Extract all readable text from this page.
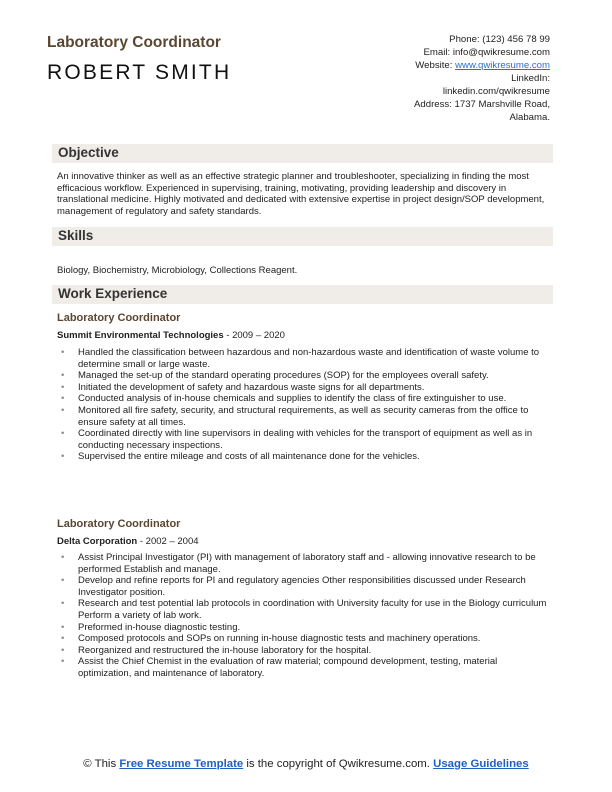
Laboratory Coordinator
ROBERT SMITH
Phone: (123) 456 78 99
Email: info@qwikresume.com
Website: www.qwikresume.com
LinkedIn:
linkedin.com/qwikresume
Address: 1737 Marshville Road,
Alabama.
Objective
An innovative thinker as well as an effective strategic planner and troubleshooter, specializing in finding the most efficacious workflow. Experienced in supervising, training, motivating, providing leadership and discovery in translational medicine. Highly motivated and dedicated with extensive expertise in project design/SOP development, management of regulatory and safety standards.
Skills
Biology, Biochemistry, Microbiology, Collections Reagent.
Work Experience
Laboratory Coordinator
Summit Environmental Technologies - 2009 – 2020
• Handled the classification between hazardous and non-hazardous waste and identification of waste volume to determine small or large waste.
• Managed the set-up of the standard operating procedures (SOP) for the employees overall safety.
• Initiated the development of safety and hazardous waste signs for all departments.
• Conducted analysis of in-house chemicals and supplies to identify the class of fire extinguisher to use.
• Monitored all fire safety, security, and structural requirements, as well as security cameras from the office to ensure safety at all times.
• Coordinated directly with line supervisors in dealing with vehicles for the transport of equipment as well as in conducting necessary inspections.
• Supervised the entire mileage and costs of all maintenance done for the vehicles.
Laboratory Coordinator
Delta Corporation - 2002 – 2004
• Assist Principal Investigator (PI) with management of laboratory staff and - allowing innovative research to be performed Establish and manage.
• Develop and refine reports for PI and regulatory agencies Other responsibilities discussed under Research Investigator position.
• Research and test potential lab protocols in coordination with University faculty for use in the Biology curriculum Perform a variety of lab work.
• Preformed in-house diagnostic testing.
• Composed protocols and SOPs on running in-house diagnostic tests and machinery operations.
• Reorganized and restructured the in-house laboratory for the hospital.
• Assist the Chief Chemist in the evaluation of raw material; compound development, testing, material optimization, and maintenance of laboratory.
© This Free Resume Template is the copyright of Qwikresume.com. Usage Guidelines
